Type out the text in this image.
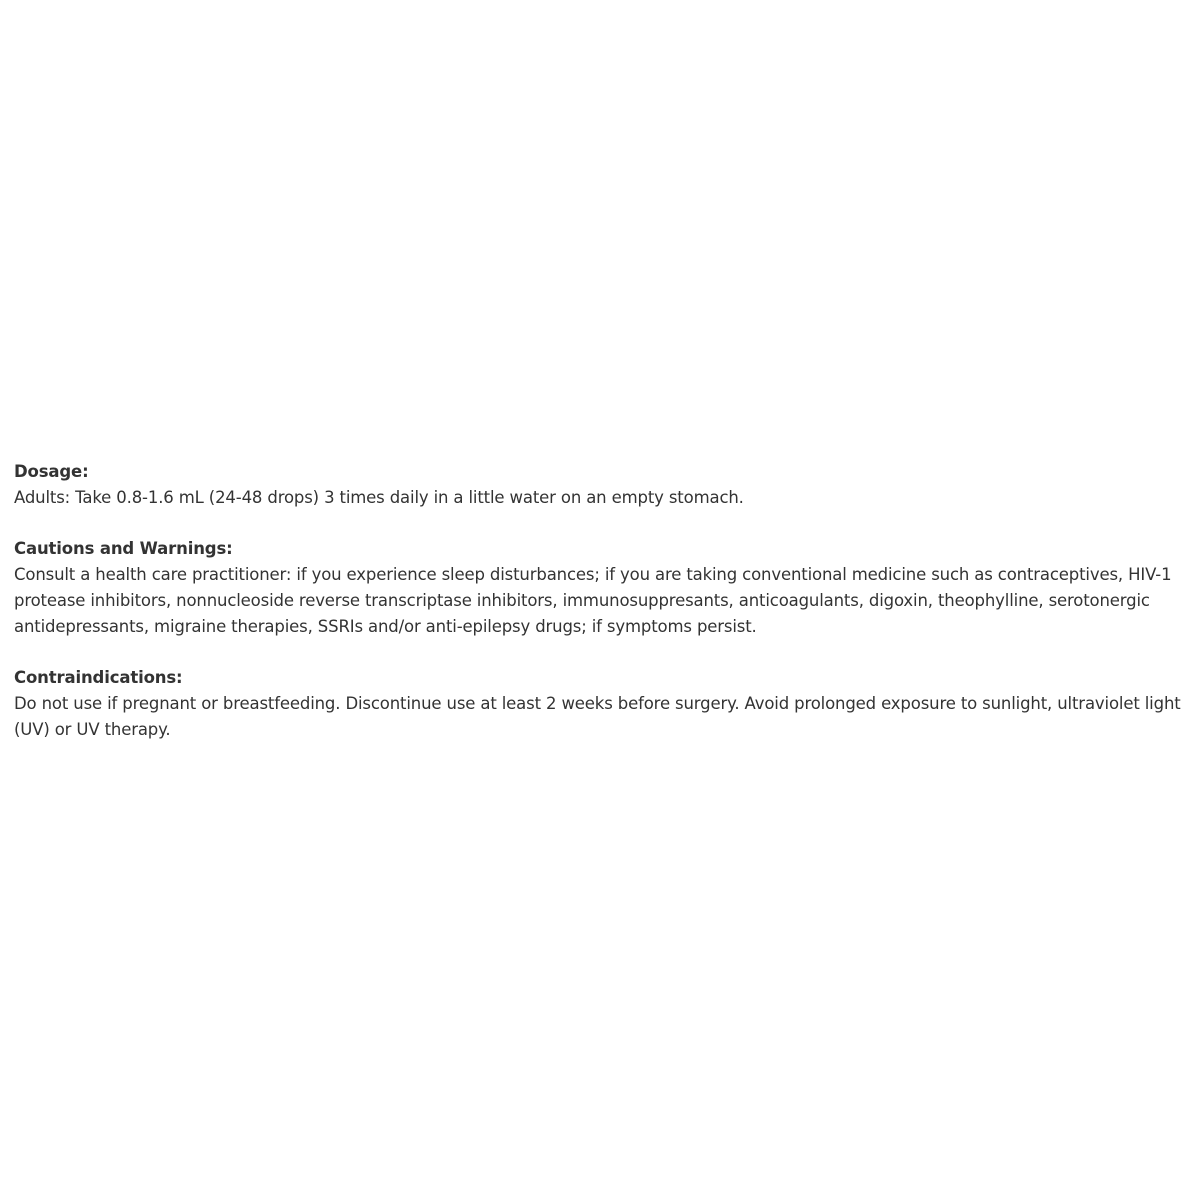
Dosage:
Adults: Take 0.8-1.6 mL (24-48 drops) 3 times daily in a little water on an empty stomach.
Cautions and Warnings:
Consult a health care practitioner: if you experience sleep disturbances; if you are taking conventional medicine such as contraceptives, HIV-1 protease inhibitors, nonnucleoside reverse transcriptase inhibitors, immunosuppresants, anticoagulants, digoxin, theophylline, serotonergic antidepressants, migraine therapies, SSRIs and/or anti-epilepsy drugs; if symptoms persist.
Contraindications:
Do not use if pregnant or breastfeeding. Discontinue use at least 2 weeks before surgery. Avoid prolonged exposure to sunlight, ultraviolet light (UV) or UV therapy.
